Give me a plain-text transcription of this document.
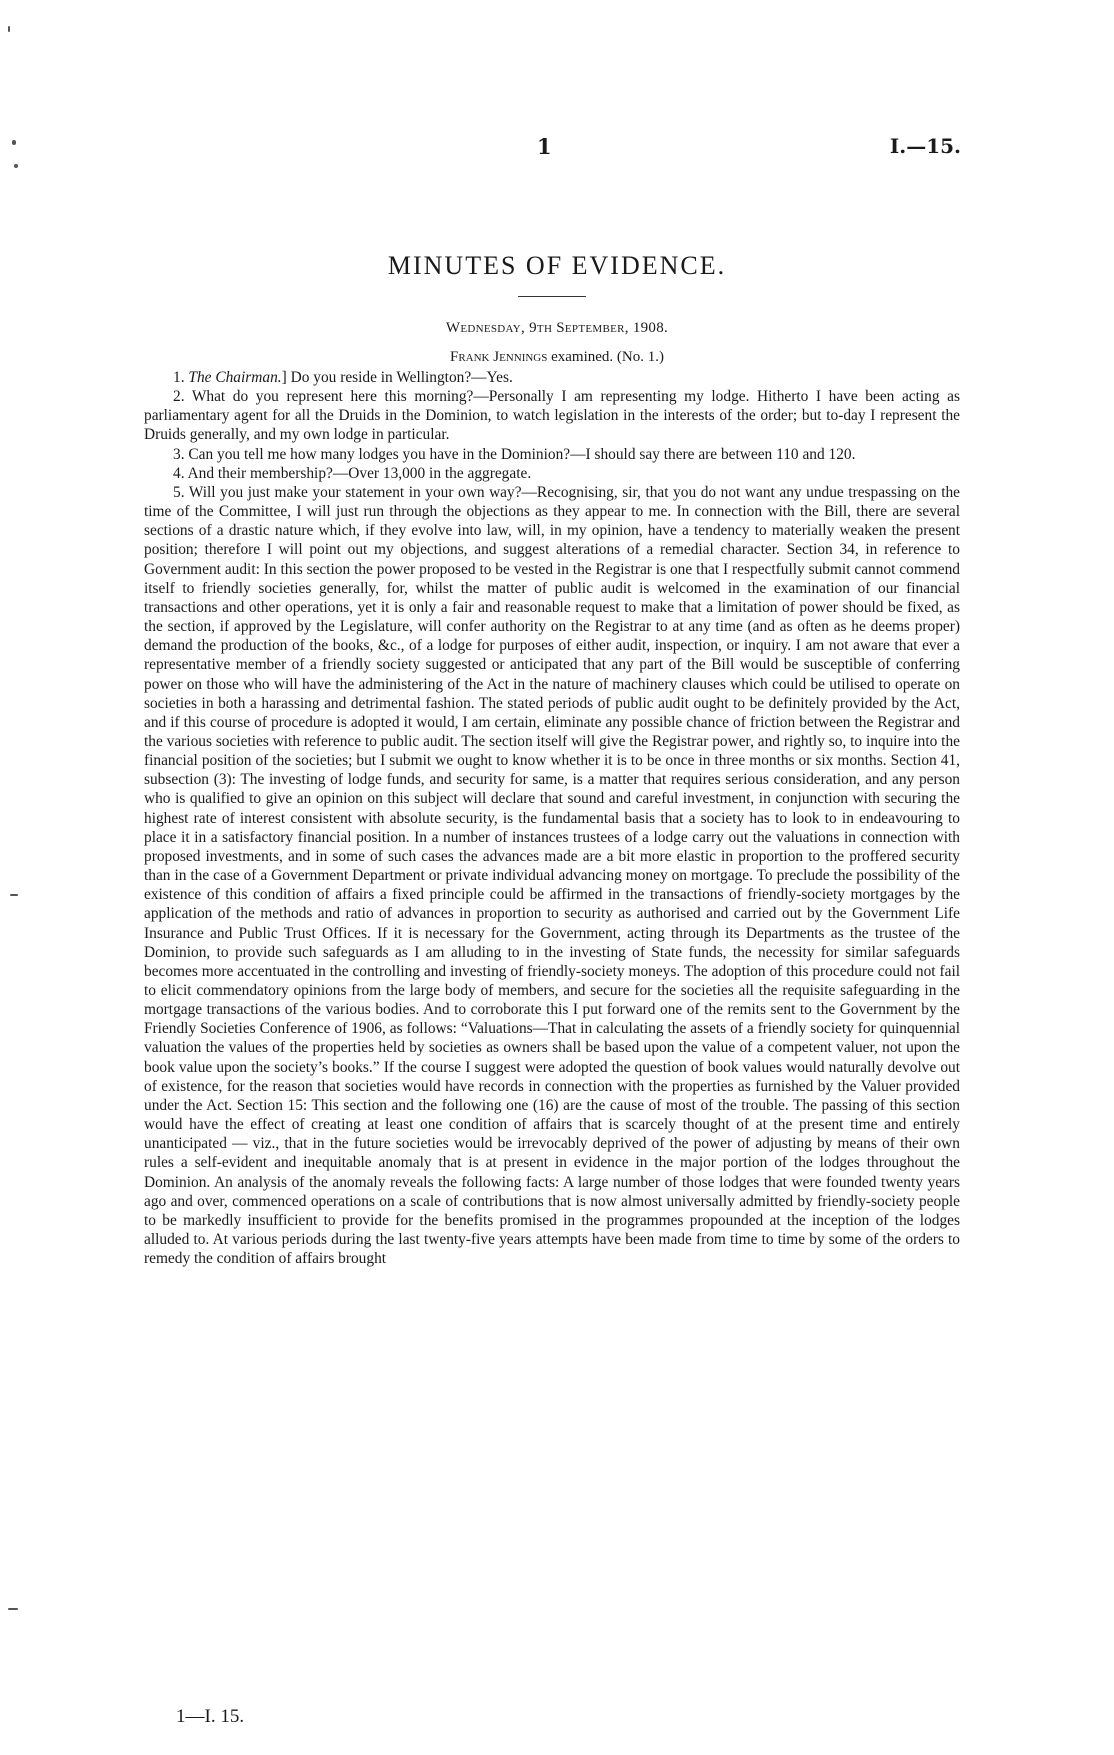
1	I.—15.
MINUTES OF EVIDENCE.
Wednesday, 9th September, 1908.
Frank Jennings examined. (No. 1.)

1. The Chairman.] Do you reside in Wellington?—Yes.

2. What do you represent here this morning?—Personally I am representing my lodge. Hitherto I have been acting as parliamentary agent for all the Druids in the Dominion, to watch legislation in the interests of the order; but to-day I represent the Druids generally, and my own lodge in particular.

3. Can you tell me how many lodges you have in the Dominion?—I should say there are between 110 and 120.

4. And their membership?—Over 13,000 in the aggregate.

5. Will you just make your statement in your own way?—Recognising, sir, that you do not want any undue trespassing on the time of the Committee, I will just run through the objections as they appear to me. In connection with the Bill, there are several sections of a drastic nature which, if they evolve into law, will, in my opinion, have a tendency to materially weaken the present position; therefore I will point out my objections, and suggest alterations of a remedial character. Section 34, in reference to Government audit: In this section the power proposed to be vested in the Registrar is one that I respectfully submit cannot commend itself to friendly societies generally, for, whilst the matter of public audit is welcomed in the examination of our financial transactions and other operations, yet it is only a fair and reasonable request to make that a limitation of power should be fixed, as the section, if approved by the Legislature, will confer authority on the Registrar to at any time (and as often as he deems proper) demand the production of the books, &c., of a lodge for purposes of either audit, inspection, or inquiry. I am not aware that ever a representative member of a friendly society suggested or anticipated that any part of the Bill would be susceptible of conferring power on those who will have the administering of the Act in the nature of machinery clauses which could be utilised to operate on societies in both a harassing and detrimental fashion. The stated periods of public audit ought to be definitely provided by the Act, and if this course of procedure is adopted it would, I am certain, eliminate any possible chance of friction between the Registrar and the various societies with reference to public audit. The section itself will give the Registrar power, and rightly so, to inquire into the financial position of the societies; but I submit we ought to know whether it is to be once in three months or six months. Section 41, subsection (3): The investing of lodge funds, and security for same, is a matter that requires serious consideration, and any person who is qualified to give an opinion on this subject will declare that sound and careful investment, in conjunction with securing the highest rate of interest consistent with absolute security, is the fundamental basis that a society has to look to in endeavouring to place it in a satisfactory financial position. In a number of instances trustees of a lodge carry out the valuations in connection with proposed investments, and in some of such cases the advances made are a bit more elastic in proportion to the proffered security than in the case of a Government Department or private individual advancing money on mortgage. To preclude the possibility of the existence of this condition of affairs a fixed principle could be affirmed in the transactions of friendly-society mortgages by the application of the methods and ratio of advances in proportion to security as authorised and carried out by the Government Life Insurance and Public Trust Offices. If it is necessary for the Government, acting through its Departments as the trustee of the Dominion, to provide such safeguards as I am alluding to in the investing of State funds, the necessity for similar safeguards becomes more accentuated in the controlling and investing of friendly-society moneys. The adoption of this procedure could not fail to elicit commendatory opinions from the large body of members, and secure for the societies all the requisite safeguarding in the mortgage transactions of the various bodies. And to corroborate this I put forward one of the remits sent to the Government by the Friendly Societies Conference of 1906, as follows: “Valuations—That in calculating the assets of a friendly society for quinquennial valuation the values of the properties held by societies as owners shall be based upon the value of a competent valuer, not upon the book value upon the society’s books.” If the course I suggest were adopted the question of book values would naturally devolve out of existence, for the reason that societies would have records in connection with the properties as furnished by the Valuer provided under the Act. Section 15: This section and the following one (16) are the cause of most of the trouble. The passing of this section would have the effect of creating at least one condition of affairs that is scarcely thought of at the present time and entirely unanticipated — viz., that in the future societies would be irrevocably deprived of the power of adjusting by means of their own rules a self-evident and inequitable anomaly that is at present in evidence in the major portion of the lodges throughout the Dominion. An analysis of the anomaly reveals the following facts: A large number of those lodges that were founded twenty years ago and over, commenced operations on a scale of contributions that is now almost universally admitted by friendly-society people to be markedly insufficient to provide for the benefits promised in the programmes propounded at the inception of the lodges alluded to. At various periods during the last twenty-five years attempts have been made from time to time by some of the orders to remedy the condition of affairs brought

1—I. 15.
